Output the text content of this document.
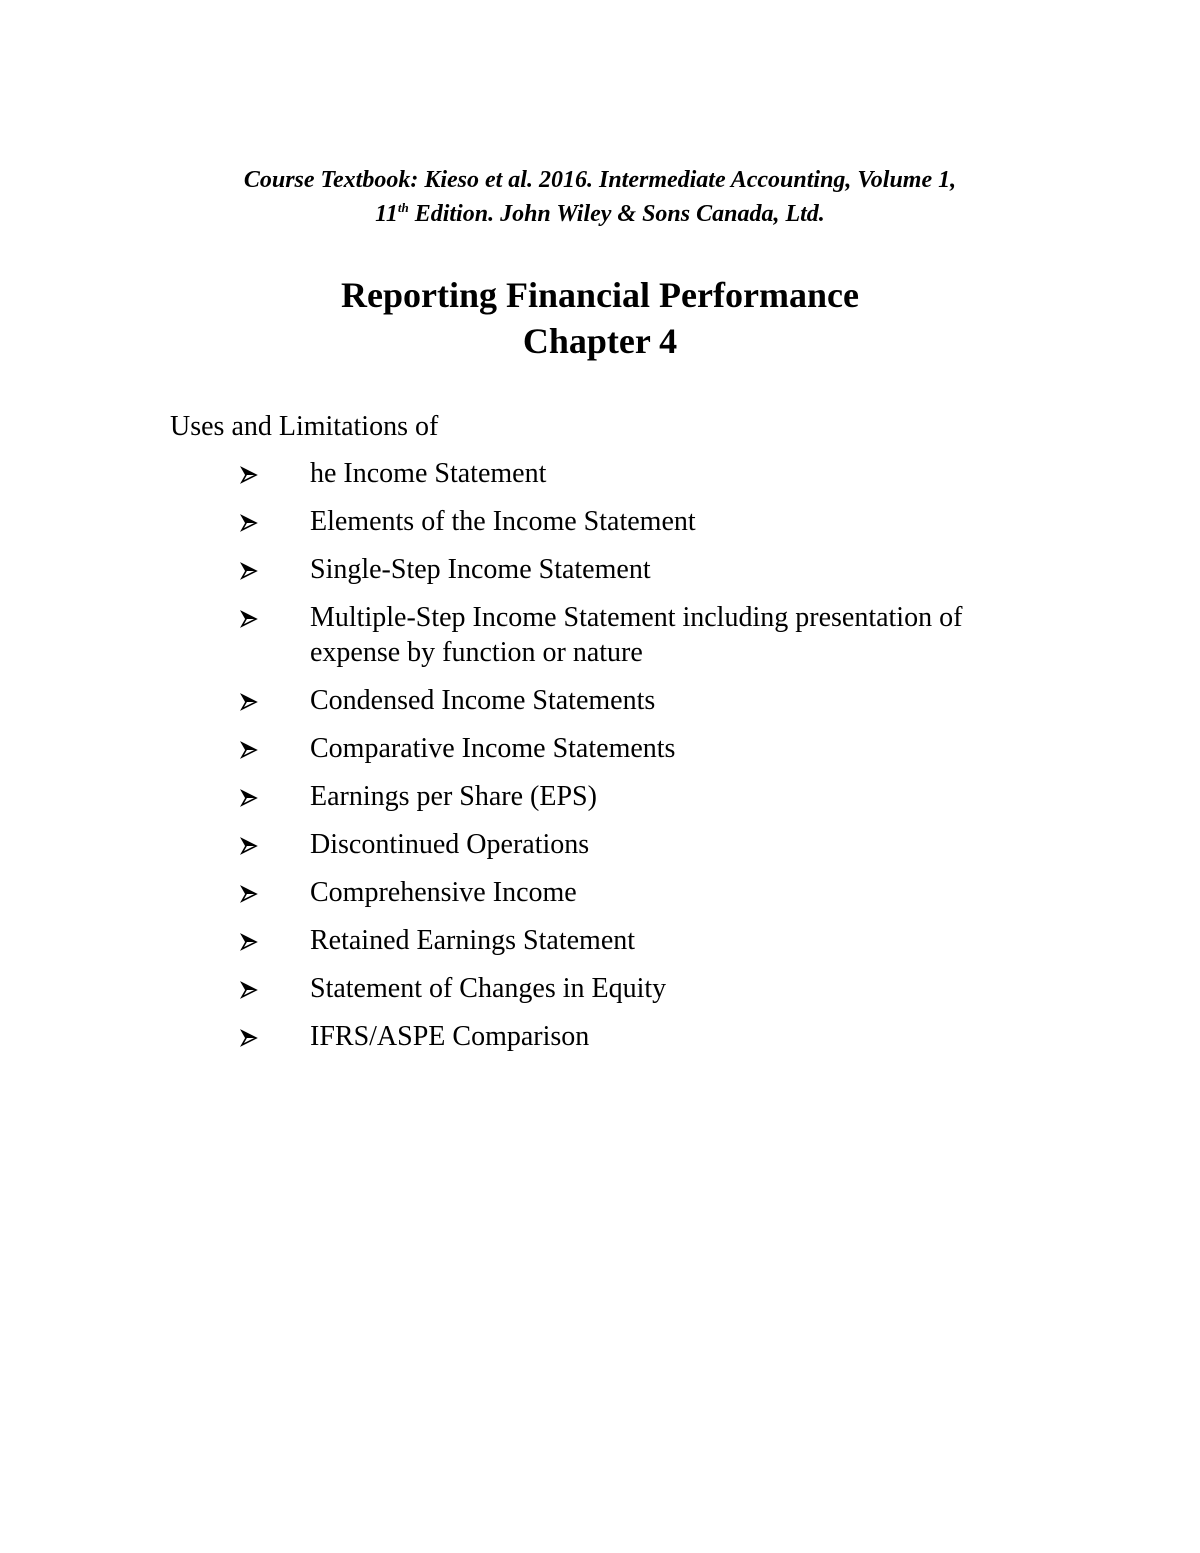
Course Textbook: Kieso et al. 2016. Intermediate Accounting, Volume 1,
11th Edition. John Wiley & Sons Canada, Ltd.
Reporting Financial Performance
Chapter 4
Uses and Limitations of
he Income Statement
Elements of the Income Statement
Single-Step Income Statement
Multiple-Step Income Statement including presentation of expense by function or nature
Condensed Income Statements
Comparative Income Statements
Earnings per Share (EPS)
Discontinued Operations
Comprehensive Income
Retained Earnings Statement
Statement of Changes in Equity
IFRS/ASPE Comparison
